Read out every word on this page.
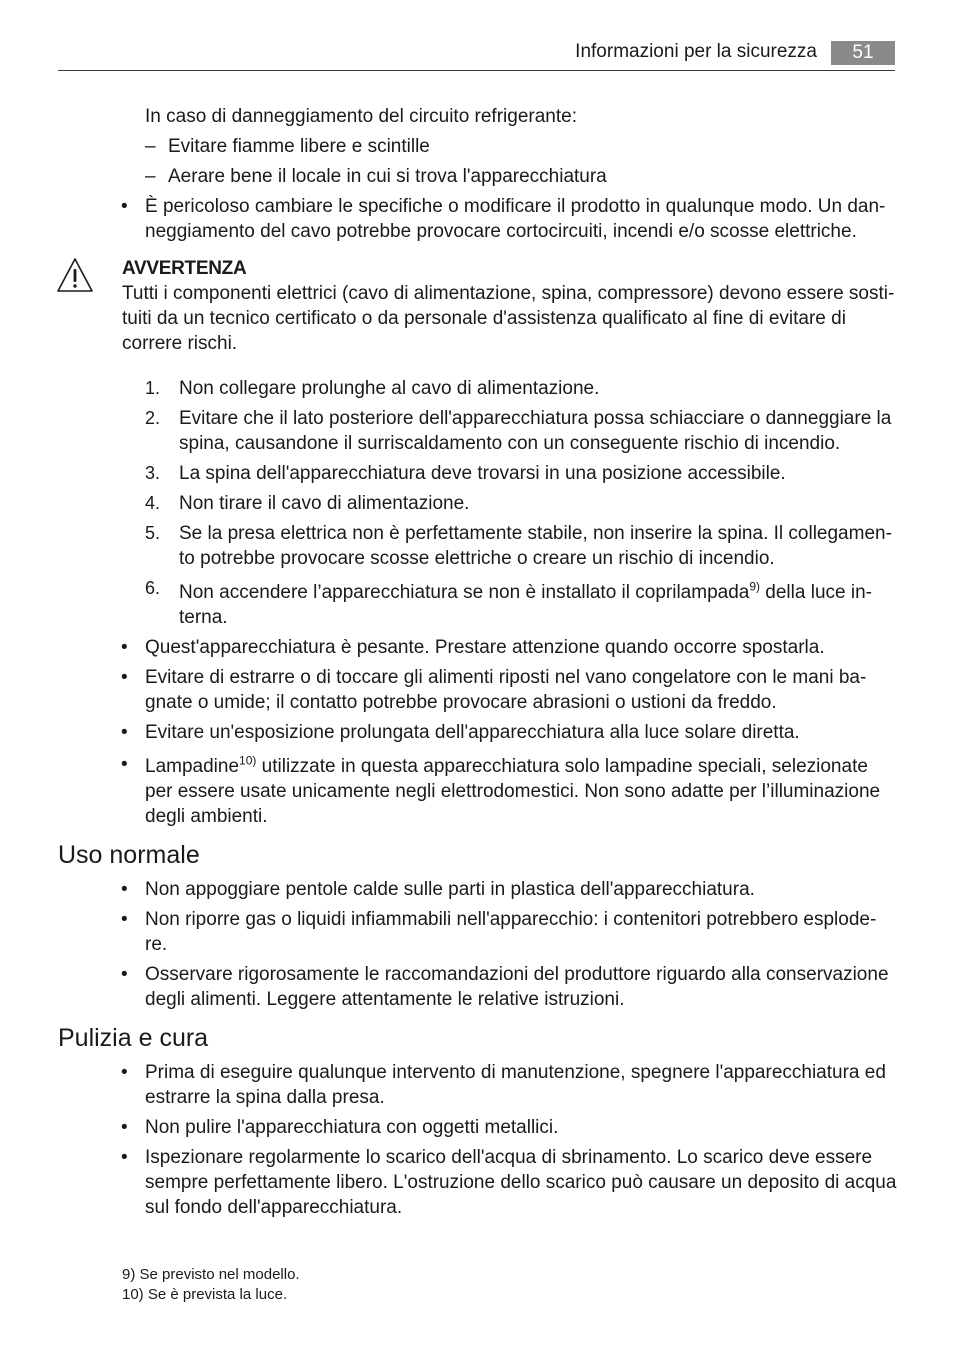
Informazioni per la sicurezza	51
In caso di danneggiamento del circuito refrigerante:
– Evitare fiamme libere e scintille
– Aerare bene il locale in cui si trova l'apparecchiatura
• È pericoloso cambiare le specifiche o modificare il prodotto in qualunque modo. Un dan-
neggiamento del cavo potrebbe provocare cortocircuiti, incendi e/o scosse elettriche.
AVVERTENZA
Tutti i componenti elettrici (cavo di alimentazione, spina, compressore) devono essere sosti-
tuiti da un tecnico certificato o da personale d'assistenza qualificato al fine di evitare di
correre rischi.
1. Non collegare prolunghe al cavo di alimentazione.
2. Evitare che il lato posteriore dell'apparecchiatura possa schiacciare o danneggiare la
spina, causandone il surriscaldamento con un conseguente rischio di incendio.
3. La spina dell'apparecchiatura deve trovarsi in una posizione accessibile.
4. Non tirare il cavo di alimentazione.
5. Se la presa elettrica non è perfettamente stabile, non inserire la spina. Il collegamen-
to potrebbe provocare scosse elettriche o creare un rischio di incendio.
6. Non accendere l’apparecchiatura se non è installato il coprilampada$^{9)}$ della luce in-
terna.
• Quest'apparecchiatura è pesante. Prestare attenzione quando occorre spostarla.
• Evitare di estrarre o di toccare gli alimenti riposti nel vano congelatore con le mani ba-
gnate o umide; il contatto potrebbe provocare abrasioni o ustioni da freddo.
• Evitare un'esposizione prolungata dell'apparecchiatura alla luce solare diretta.
• Lampadine$^{10)}$ utilizzate in questa apparecchiatura solo lampadine speciali, selezionate
per essere usate unicamente negli elettrodomestici. Non sono adatte per l’illuminazione
degli ambienti.
Uso normale
• Non appoggiare pentole calde sulle parti in plastica dell'apparecchiatura.
• Non riporre gas o liquidi infiammabili nell'apparecchio: i contenitori potrebbero esplode-
re.
• Osservare rigorosamente le raccomandazioni del produttore riguardo alla conservazione
degli alimenti. Leggere attentamente le relative istruzioni.
Pulizia e cura
• Prima di eseguire qualunque intervento di manutenzione, spegnere l'apparecchiatura ed
estrarre la spina dalla presa.
• Non pulire l'apparecchiatura con oggetti metallici.
• Ispezionare regolarmente lo scarico dell'acqua di sbrinamento. Lo scarico deve essere
sempre perfettamente libero. L'ostruzione dello scarico può causare un deposito di acqua
sul fondo dell'apparecchiatura.
9) Se previsto nel modello.
10) Se è prevista la luce.
